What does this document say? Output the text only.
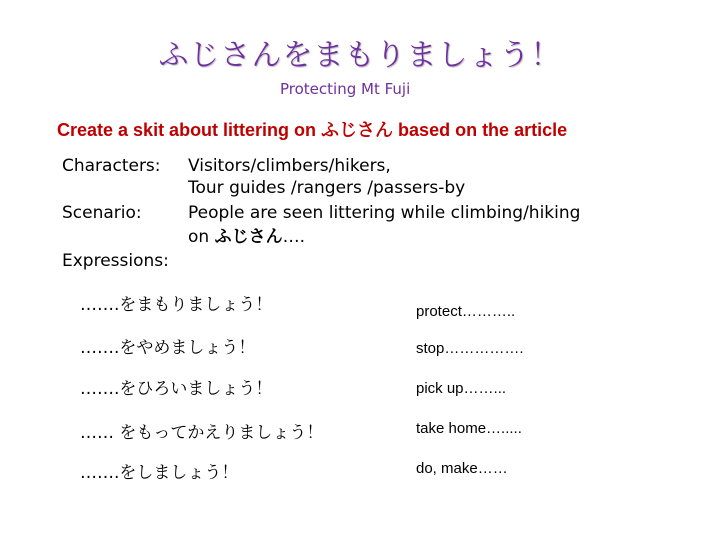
ふじさんをまもりましょう！
Protecting Mt Fuji
Create a skit about littering on ふじさん based on the article
Characters: Visitors/climbers/hikers,
Tour guides /rangers /passers-by
Scenario:	People are seen littering while climbing/hiking
on ふじさん….
Expressions:
…….をまもりましょう！	protect………..
…….をやめましょう！	stop…………….
…….をひろいましょう！	pick up……...
…… をもってかえりましょう！	take home….....
…….をしましょう！	do, make……
